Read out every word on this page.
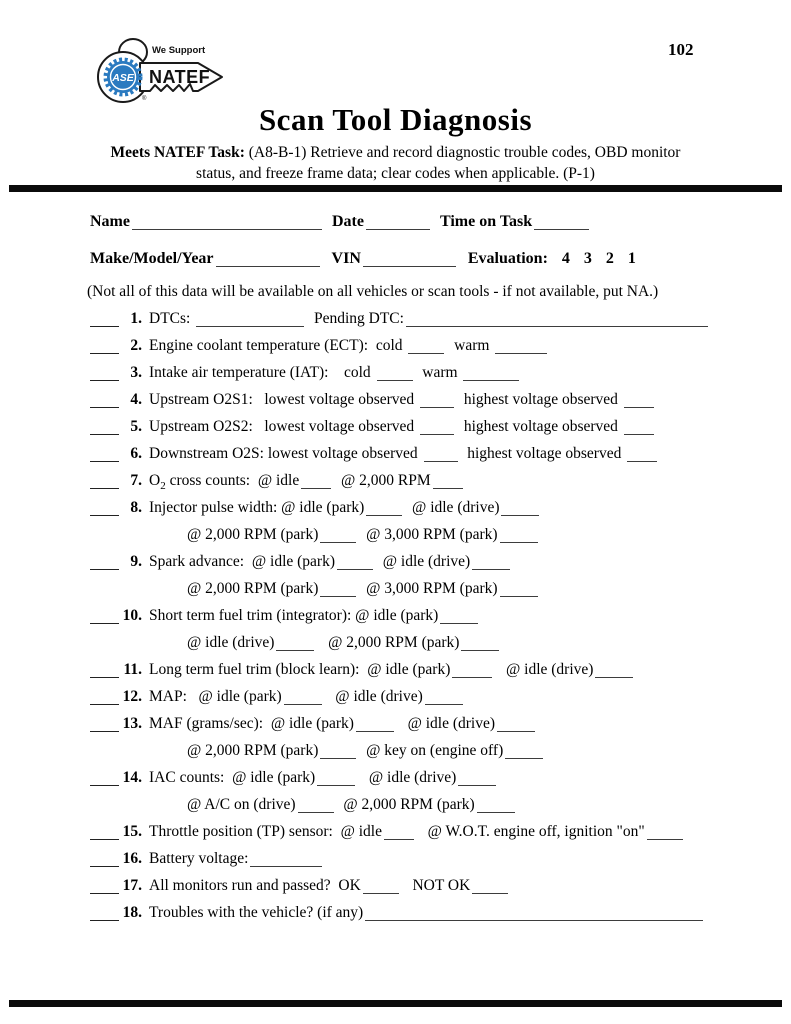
ASE
We Support
NATEF
®
102
Scan Tool Diagnosis
Meets NATEF Task: (A8-B-1) Retrieve and record diagnostic trouble codes, OBD monitor
status, and freeze frame data; clear codes when applicable. (P-1)
Name	Date	Time on Task
Make/Model/Year	VIN	Evaluation: 4 3 2 1
(Not all of this data will be available on all vehicles or scan tools - if not available, put NA.)
1. DTCs:	Pending DTC:
2. Engine coolant temperature (ECT):  cold	warm
3. Intake air temperature (IAT):    cold	warm
4. Upstream O2S1:   lowest voltage observed   highest voltage observed
5. Upstream O2S2:   lowest voltage observed   highest voltage observed
6. Downstream O2S: lowest voltage observed   highest voltage observed
7. $O_2$ cross counts:  @ idle  @ 2,000 RPM
8. Injector pulse width: @ idle (park)	@ idle (drive)
@ 2,000 RPM (park)	@ 3,000 RPM (park)
9. Spark advance:  @ idle (park)	@ idle (drive)
@ 2,000 RPM (park)	@ 3,000 RPM (park)
10. Short term fuel trim (integrator): @ idle (park)
@ idle (drive)	@ 2,000 RPM (park)
11. Long term fuel trim (block learn):  @ idle (park)	@ idle (drive)
12. MAP:   @ idle (park)	@ idle (drive)
13. MAF (grams/sec):  @ idle (park)	@ idle (drive)
@ 2,000 RPM (park)	@ key on (engine off)
14. IAC counts:  @ idle (park)	@ idle (drive)
@ A/C on (drive)	@ 2,000 RPM (park)
15. Throttle position (TP) sensor:  @ idle   @ W.O.T. engine off, ignition "on"
16. Battery voltage:
17. All monitors run and passed?  OK	NOT OK
18. Troubles with the vehicle? (if any)
